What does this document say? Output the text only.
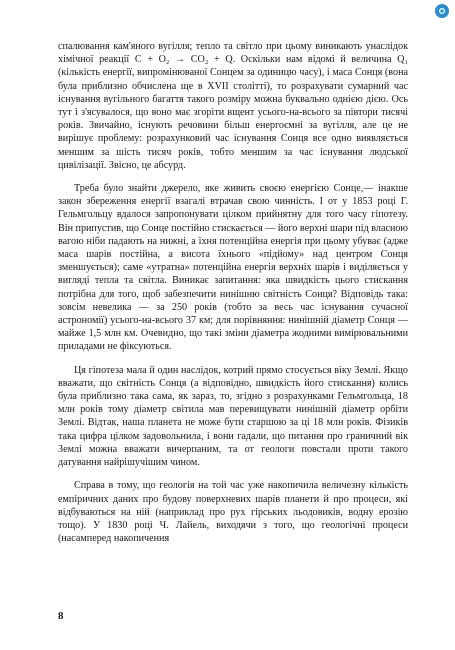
спалювання кам'яного вугілля; тепло та світло при цьому виникають унаслідок хімічної реакції C + O₂ → CO₂ + Q. Оскільки нам відомі й величина Q₁ (кількість енергії, випромінюваної Сонцем за одиницю часу), і маса Сонця (вона була приблизно обчислена ще в XVII столітті), то розрахувати сумарний час існування вугільного багаття такого розміру можна буквально однією дією. Ось тут і з'ясувалося, що воно має згоріти вщент усього-на-всього за півтори тисячі років. Звичайно, існують речовини більш енергоємні за вугілля, але це не вирішує проблему: розрахунковий час існування Сонця все одно виявляється меншим за шість тисяч років, тобто меншим за час існування людської цивілізації. Звісно, це абсурд.

Треба було знайти джерело, яке живить своєю енергією Сонце,— інакше закон збереження енергії взагалі втрачав свою чинність. І от у 1853 році Г. Гельмгольцу вдалося запропонувати цілком прийнятну для того часу гіпотезу. Він припустив, що Сонце постійно стискається — його верхні шари під власною вагою ніби падають на нижні, а їхня потенційна енергія при цьому убуває (адже маса шарів постійна, а висота їхнього «підйому» над центром Сонця зменшується); саме «утратна» потенційна енергія верхніх шарів і виділяється у вигляді тепла та світла. Виникає запитання: яка швидкість цього стискання потрібна для того, щоб забезпечити нинішню світність Сонця? Відповідь така: зовсім невелика — за 250 років (тобто за весь час існування сучасної астрономії) усього-на-всього 37 км; для порівняння: нинішній діаметр Сонця — майже 1,5 млн км. Очевидно, що такі зміни діаметра жодними вимірювальними приладами не фіксуються.

Ця гіпотеза мала й один наслідок, котрий прямо стосується віку Землі. Якщо вважати, що світність Сонця (а відповідно, швидкість його стискання) колись була приблизно така сама, як зараз, то, згідно з розрахунками Гельмгольца, 18 млн років тому діаметр світила мав перевищувати нинішній діаметр орбіти Землі. Відтак, наша планета не може бути старшою за ці 18 млн років. Фізиків така цифра цілком задовольнила, і вони гадали, що питання про граничний вік Землі можна вважати вичерпаним, та от геологи повстали проти такого датування найрішучішим чином.

Справа в тому, що геологія на той час уже накопичила величезну кількість емпіричних даних про будову поверхневих шарів планети й про процеси, які відбуваються на ній (наприклад про рух гірських льодовиків, водну ерозію тощо). У 1830 році Ч. Лайель, виходячи з того, що геологічні процеси (насамперед накопичення

8
